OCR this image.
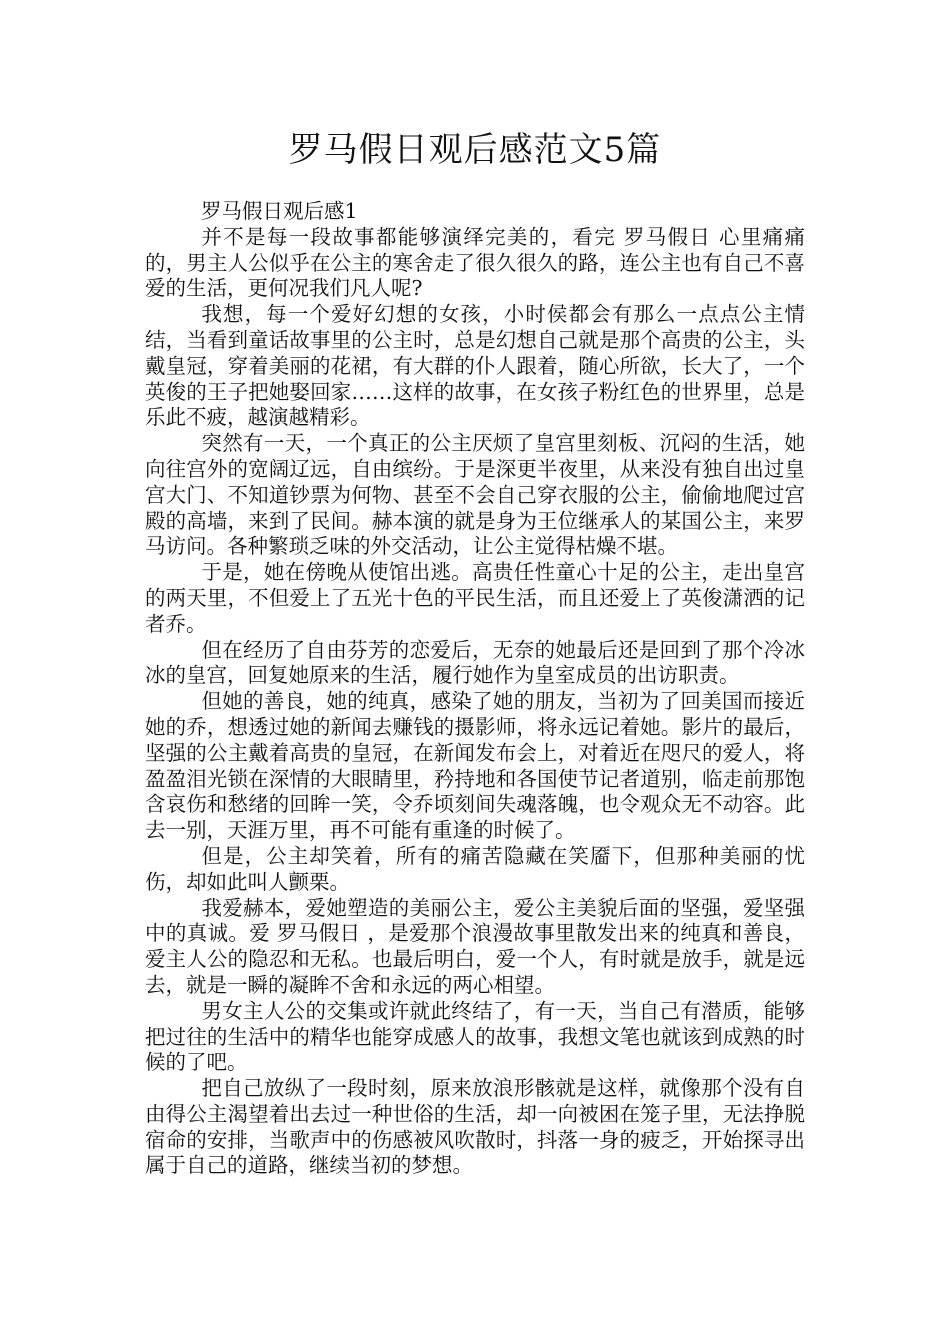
罗马假日观后感范文5篇

罗马假日观后感1

并不是每一段故事都能够演绎完美的，看完 罗马假日 心里痛痛的，男主人公似乎在公主的寒舍走了很久很久的路，连公主也有自己不喜爱的生活，更何况我们凡人呢?

我想，每一个爱好幻想的女孩，小时侯都会有那么一点点公主情结，当看到童话故事里的公主时，总是幻想自己就是那个高贵的公主，头戴皇冠，穿着美丽的花裙，有大群的仆人跟着，随心所欲，长大了，一个英俊的王子把她娶回家……这样的故事，在女孩子粉红色的世界里，总是乐此不疲，越演越精彩。

突然有一天，一个真正的公主厌烦了皇宫里刻板、沉闷的生活，她向往宫外的宽阔辽远，自由缤纷。于是深更半夜里，从来没有独自出过皇宫大门、不知道钞票为何物、甚至不会自己穿衣服的公主，偷偷地爬过宫殿的高墙，来到了民间。赫本演的就是身为王位继承人的某国公主，来罗马访问。各种繁琐乏味的外交活动，让公主觉得枯燥不堪。

于是，她在傍晚从使馆出逃。高贵任性童心十足的公主，走出皇宫的两天里，不但爱上了五光十色的平民生活，而且还爱上了英俊潇洒的记者乔。

但在经历了自由芬芳的恋爱后，无奈的她最后还是回到了那个冷冰冰的皇宫，回复她原来的生活，履行她作为皇室成员的出访职责。

但她的善良，她的纯真，感染了她的朋友，当初为了回美国而接近她的乔，想透过她的新闻去赚钱的摄影师，将永远记着她。影片的最后，坚强的公主戴着高贵的皇冠，在新闻发布会上，对着近在咫尺的爱人，将盈盈泪光锁在深情的大眼睛里，矜持地和各国使节记者道别，临走前那饱含哀伤和愁绪的回眸一笑，令乔顷刻间失魂落魄，也令观众无不动容。此去一别，天涯万里，再不可能有重逢的时候了。

但是，公主却笑着，所有的痛苦隐藏在笑靥下，但那种美丽的忧伤，却如此叫人颤栗。

我爱赫本，爱她塑造的美丽公主，爱公主美貌后面的坚强，爱坚强中的真诚。爱 罗马假日 ，是爱那个浪漫故事里散发出来的纯真和善良，爱主人公的隐忍和无私。也最后明白，爱一个人，有时就是放手，就是远去，就是一瞬的凝眸不舍和永远的两心相望。

男女主人公的交集或许就此终结了，有一天，当自己有潜质，能够把过往的生活中的精华也能穿成感人的故事，我想文笔也就该到成熟的时候的了吧。

把自己放纵了一段时刻，原来放浪形骸就是这样，就像那个没有自由得公主渴望着出去过一种世俗的生活，却一向被困在笼子里，无法挣脱宿命的安排，当歌声中的伤感被风吹散时，抖落一身的疲乏，开始探寻出属于自己的道路，继续当初的梦想。
